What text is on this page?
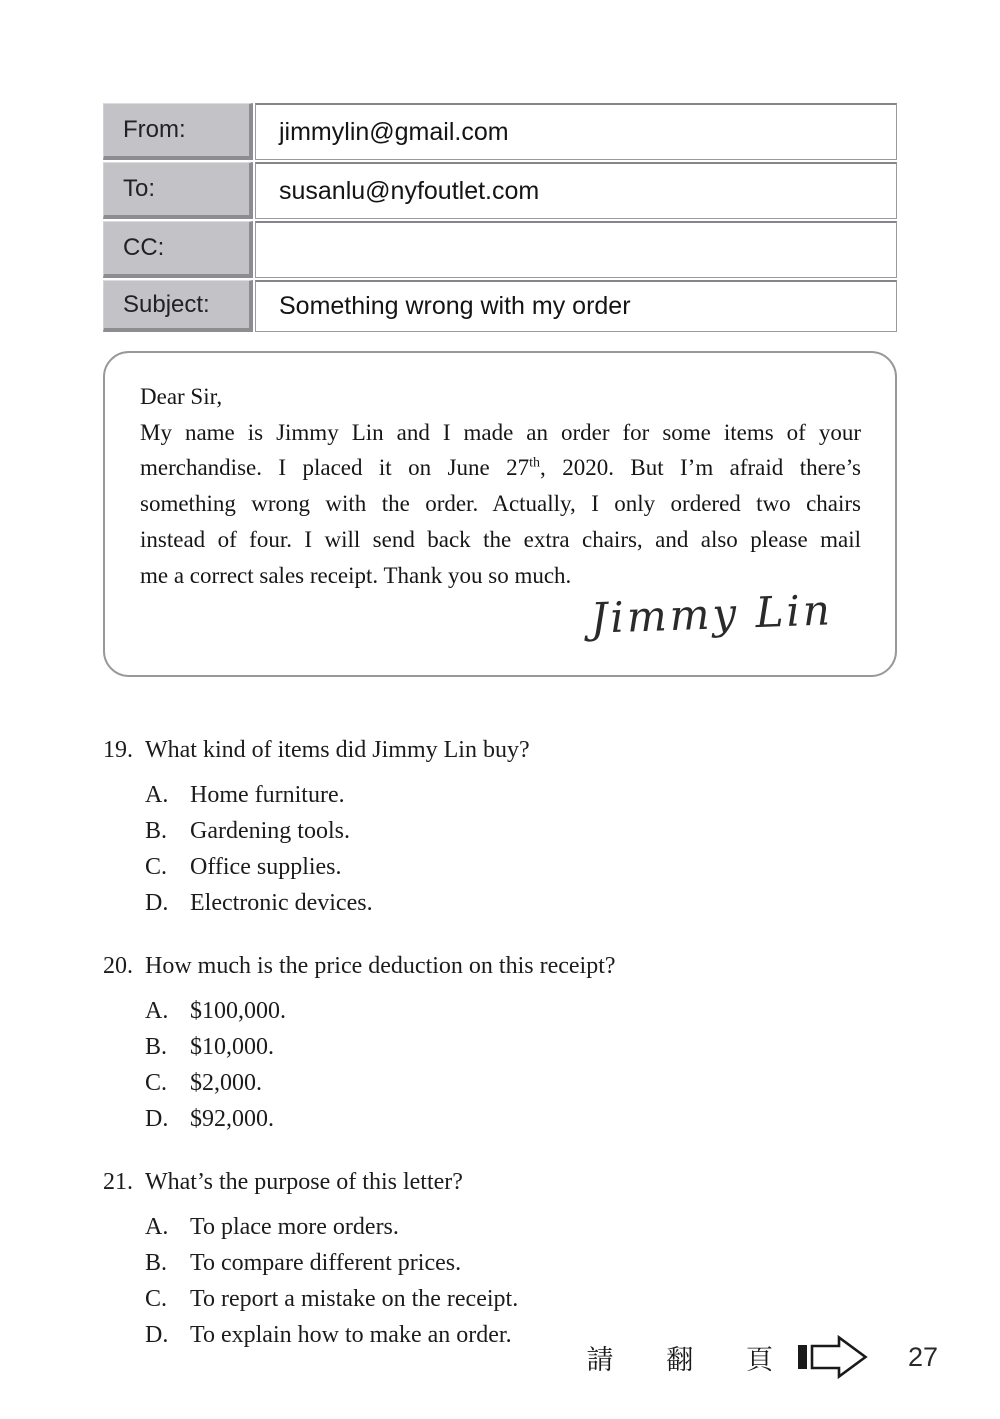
From:	jimmylin@gmail.com
To:	susanlu@nyfoutlet.com
CC:
Subject:	Something wrong with my order
Dear Sir,
My name is Jimmy Lin and I made an order for some items of your
merchandise. I placed it on June 27th, 2020. But I’m afraid there’s
something wrong with the order. Actually, I only ordered two chairs
instead of four. I will send back the extra chairs, and also please mail
me a correct sales receipt. Thank you so much.
Jimmy Lin
19. What kind of items did Jimmy Lin buy?
A. Home furniture.
B. Gardening tools.
C. Office supplies.
D. Electronic devices.
20. How much is the price deduction on this receipt?
A. $100,000.
B. $10,000.
C. $2,000.
D. $92,000.
21. What’s the purpose of this letter?
A. To place more orders.
B. To compare different prices.
C. To report a mistake on the receipt.
D. To explain how to make an order.
請 翻 頁	27
